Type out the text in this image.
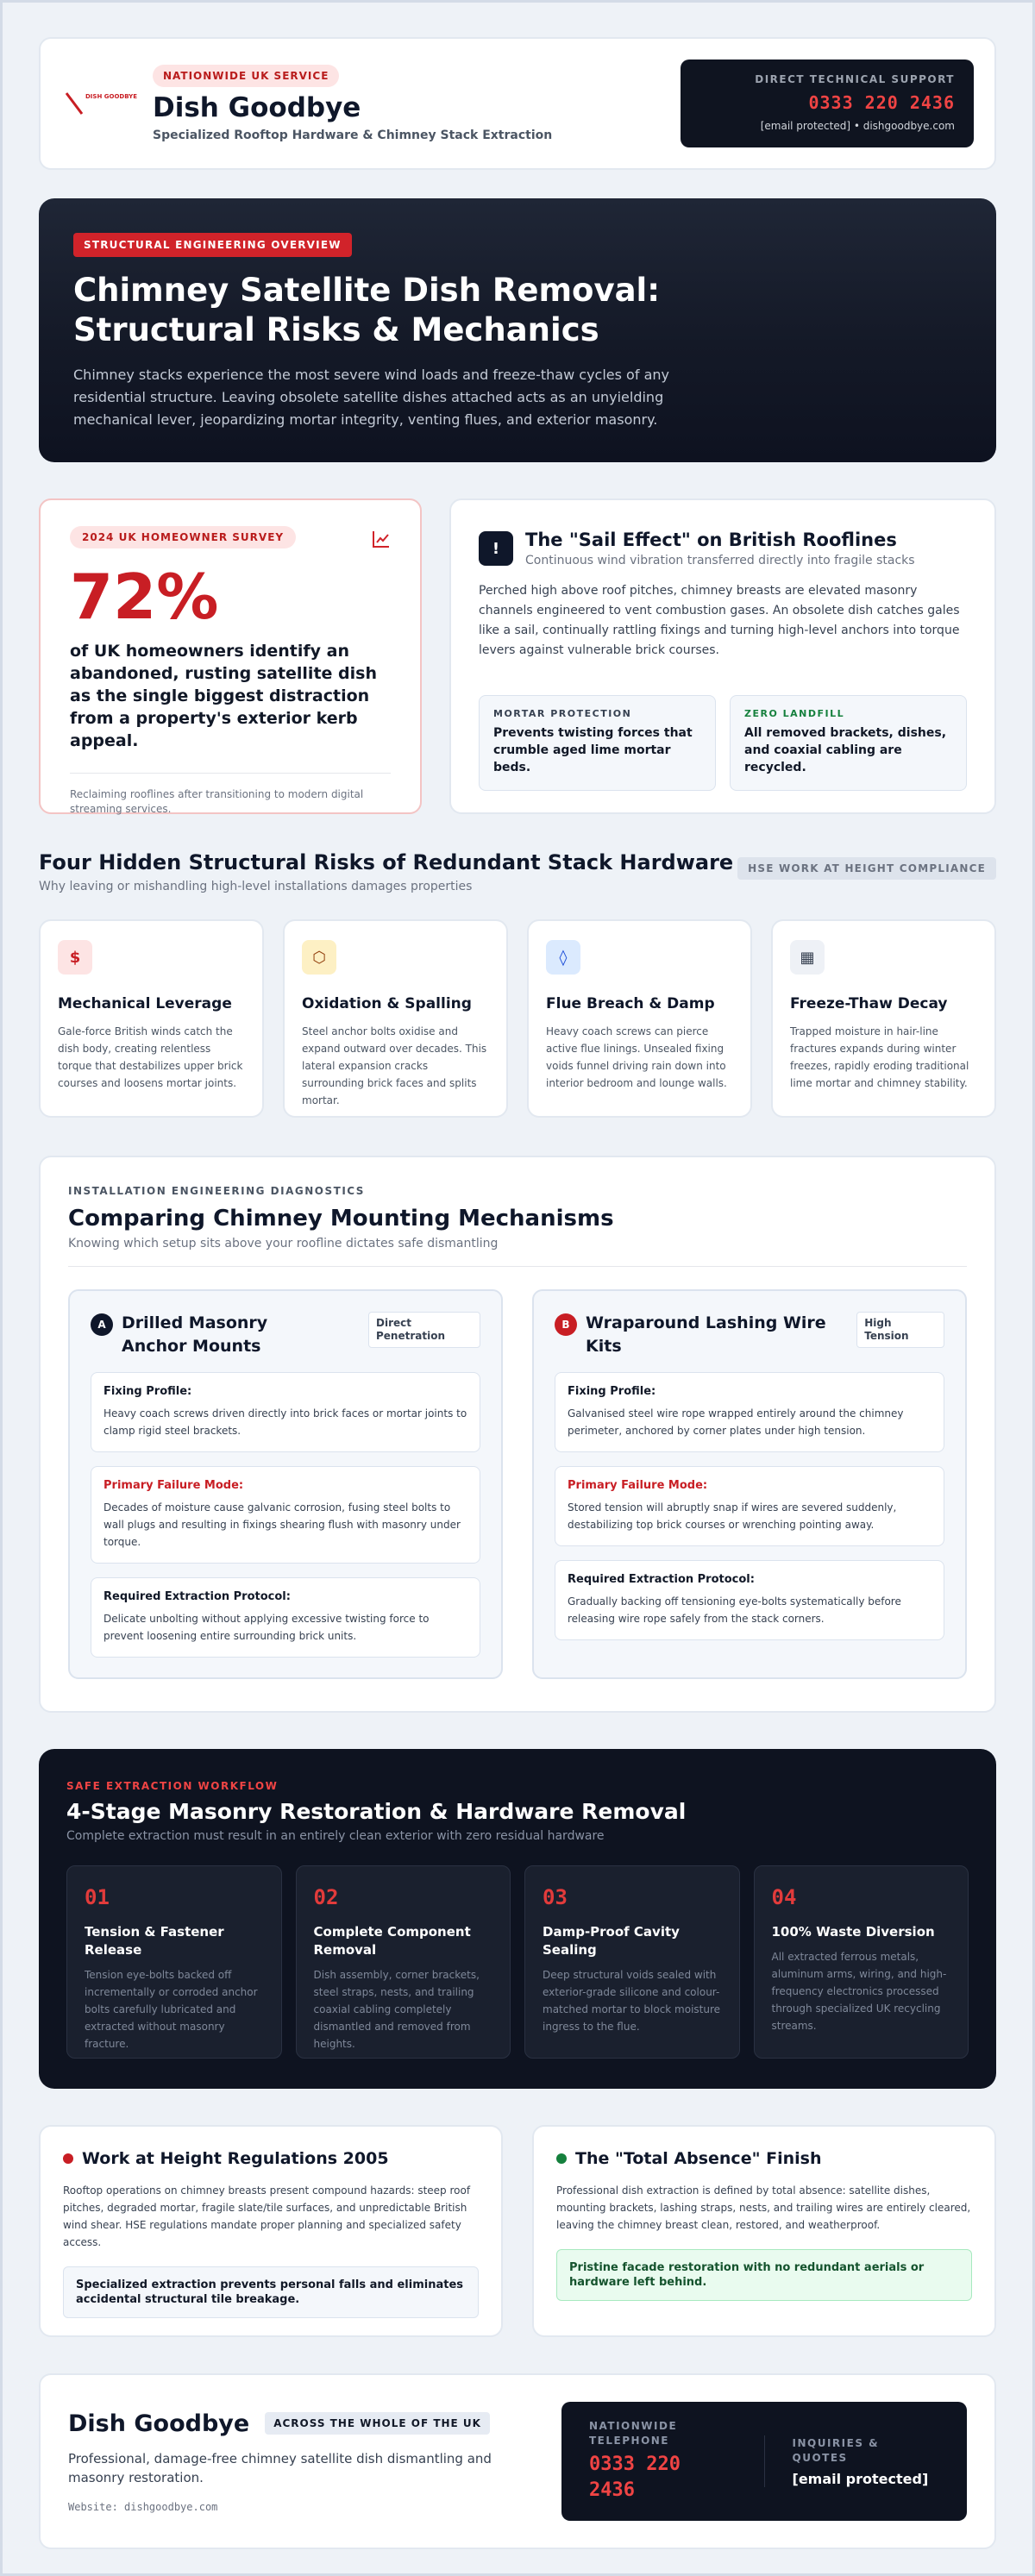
DISH GOODBYE
NATIONWIDE UK SERVICE
Dish Goodbye
Specialized Rooftop Hardware & Chimney Stack Extraction
DIRECT TECHNICAL SUPPORT
0333 220 2436
[email protected] • dishgoodbye.com
STRUCTURAL ENGINEERING OVERVIEW
Chimney Satellite Dish Removal:
Structural Risks & Mechanics

Chimney stacks experience the most severe wind loads and freeze-thaw cycles of any residential structure. Leaving obsolete satellite dishes attached acts as an unyielding mechanical lever, jeopardizing mortar integrity, venting flues, and exterior masonry.

2024 UK HOMEOWNER SURVEY
72%

of UK homeowners identify an abandoned, rusting satellite dish as the single biggest distraction from a property's exterior kerb appeal.

Reclaiming rooflines after transitioning to modern digital streaming services.

!	The "Sail Effect" on British Rooflines
Continuous wind vibration transferred directly into fragile stacks

Perched high above roof pitches, chimney breasts are elevated masonry channels engineered to vent combustion gases. An obsolete dish catches gales like a sail, continually rattling fixings and turning high-level anchors into torque levers against vulnerable brick courses.

MORTAR PROTECTION
Prevents twisting forces that crumble aged lime mortar beds.
ZERO LANDFILL
All removed brackets, dishes, and coaxial cabling are recycled.
Four Hidden Structural Risks of Redundant Stack Hardware
Why leaving or mishandling high-level installations damages properties
HSE WORK AT HEIGHT COMPLIANCE
$
Mechanical Leverage

Gale-force British winds catch the dish body, creating relentless torque that destabilizes upper brick courses and loosens mortar joints.

⬡
Oxidation & Spalling

Steel anchor bolts oxidise and expand outward over decades. This lateral expansion cracks surrounding brick faces and splits mortar.

◊
Flue Breach & Damp

Heavy coach screws can pierce active flue linings. Unsealed fixing voids funnel driving rain down into interior bedroom and lounge walls.

▦
Freeze-Thaw Decay

Trapped moisture in hair-line fractures expands during winter freezes, rapidly eroding traditional lime mortar and chimney stability.

INSTALLATION ENGINEERING DIAGNOSTICS
Comparing Chimney Mounting Mechanisms
Knowing which setup sits above your roofline dictates safe dismantling
A Drilled Masonry Anchor Mounts
Direct Penetration
Fixing Profile:
Heavy coach screws driven directly into brick faces or mortar joints to clamp rigid steel brackets.
Primary Failure Mode:
Decades of moisture cause galvanic corrosion, fusing steel bolts to wall plugs and resulting in fixings shearing flush with masonry under torque.
Required Extraction Protocol:
Delicate unbolting without applying excessive twisting force to prevent loosening entire surrounding brick units.
B Wraparound Lashing Wire Kits
High Tension
Fixing Profile:
Galvanised steel wire rope wrapped entirely around the chimney perimeter, anchored by corner plates under high tension.
Primary Failure Mode:
Stored tension will abruptly snap if wires are severed suddenly, destabilizing top brick courses or wrenching pointing away.
Required Extraction Protocol:
Gradually backing off tensioning eye-bolts systematically before releasing wire rope safely from the stack corners.
SAFE EXTRACTION WORKFLOW
4-Stage Masonry Restoration & Hardware Removal
Complete extraction must result in an entirely clean exterior with zero residual hardware
01
Tension & Fastener Release

Tension eye-bolts backed off incrementally or corroded anchor bolts carefully lubricated and extracted without masonry fracture.

02
Complete Component Removal

Dish assembly, corner brackets, steel straps, nests, and trailing coaxial cabling completely dismantled and removed from heights.

03
Damp-Proof Cavity Sealing

Deep structural voids sealed with exterior-grade silicone and colour-matched mortar to block moisture ingress to the flue.

04
100% Waste Diversion

All extracted ferrous metals, aluminum arms, wiring, and high-frequency electronics processed through specialized UK recycling streams.

Work at Height Regulations 2005

Rooftop operations on chimney breasts present compound hazards: steep roof pitches, degraded mortar, fragile slate/tile surfaces, and unpredictable British wind shear. HSE regulations mandate proper planning and specialized safety access.

Specialized extraction prevents personal falls and eliminates accidental structural tile breakage.
The "Total Absence" Finish

Professional dish extraction is defined by total absence: satellite dishes, mounting brackets, lashing straps, nests, and trailing wires are entirely cleared, leaving the chimney breast clean, restored, and weatherproof.

Pristine facade restoration with no redundant aerials or hardware left behind.
Dish Goodbye	ACROSS THE WHOLE OF THE UK

Professional, damage-free chimney satellite dish dismantling and masonry restoration.

Website: dishgoodbye.com
NATIONWIDE TELEPHONE
0333 220 2436
INQUIRIES & QUOTES
[email protected]
